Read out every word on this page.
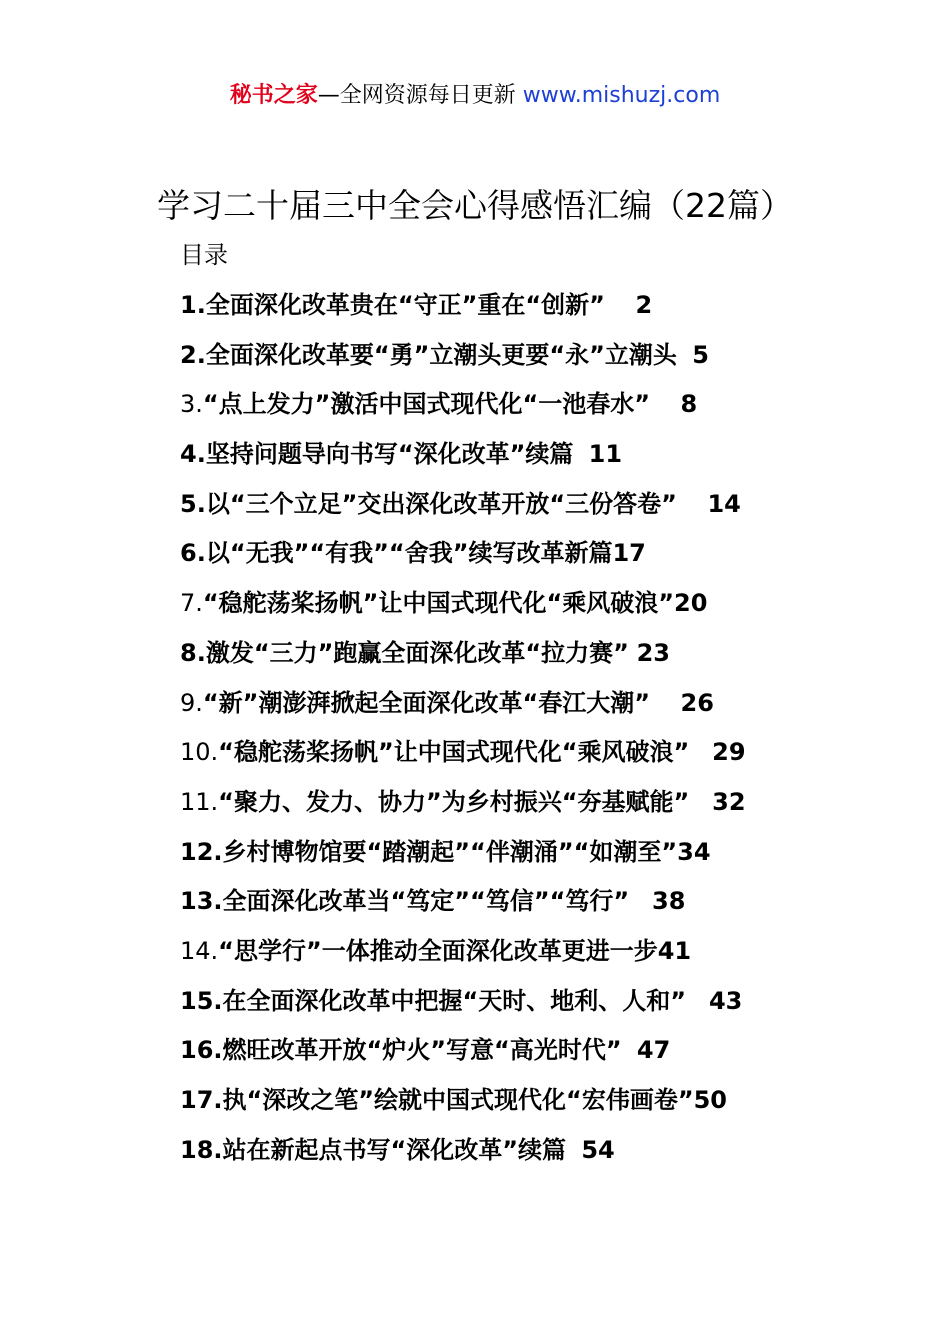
秘书之家—全网资源每日更新 www.mishuzj.com
学习二十届三中全会心得感悟汇编（22篇）
目录
1.全面深化改革贵在“守正”重在“创新” 2
2.全面深化改革要“勇”立潮头更要“永”立潮头 5
3.“点上发力”激活中国式现代化“一池春水” 8
4.坚持问题导向书写“深化改革”续篇 11
5.以“三个立足”交出深化改革开放“三份答卷” 14
6.以“无我”“有我”“舍我”续写改革新篇17
7.“稳舵荡桨扬帆”让中国式现代化“乘风破浪”20
8.激发“三力”跑赢全面深化改革“拉力赛” 23
9.“新”潮澎湃掀起全面深化改革“春江大潮” 26
10.“稳舵荡桨扬帆”让中国式现代化“乘风破浪” 29
11.“聚力、发力、协力”为乡村振兴“夯基赋能” 32
12.乡村博物馆要“踏潮起”“伴潮涌”“如潮至”34
13.全面深化改革当“笃定”“笃信”“笃行” 38
14.“思学行”一体推动全面深化改革更进一步41
15.在全面深化改革中把握“天时、地利、人和” 43
16.燃旺改革开放“炉火”写意“高光时代” 47
17.执“深改之笔”绘就中国式现代化“宏伟画卷”50
18.站在新起点书写“深化改革”续篇 54
